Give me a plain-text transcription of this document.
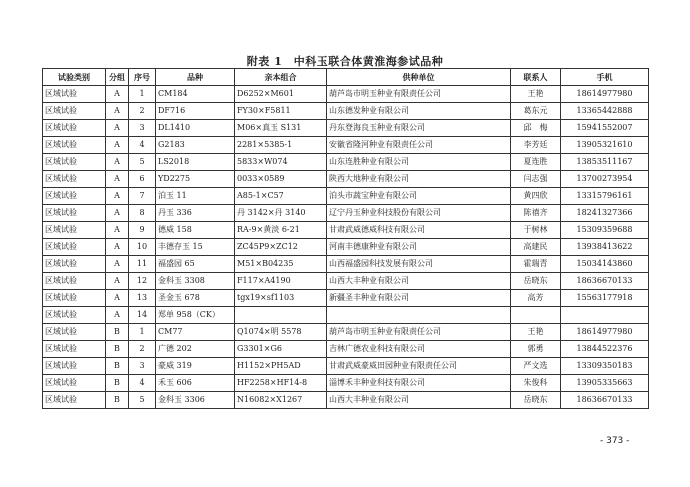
附表 1　中科玉联合体黄淮海参试品种
试验类别	分组	序号	品种	亲本组合	供种单位	联系人	手机
区域试验	A	1	CM184	D6252×M601	葫芦岛市明玉种业有限责任公司	王艳	18614977980
区域试验	A	2	DF716	FY30×F5811	山东德发种业有限公司	葛东元	13365442888
区域试验	A	3	DL1410	M06×真玉 S131	丹东登海良玉种业有限公司	邱　梅	15941552007
区域试验	A	4	G2183	2281×5385-1	安徽省隆河种业有限责任公司	李芳廷	13905321610
区域试验	A	5	LS2018	5833×W074	山东连胜种业有限公司	夏连胜	13853511167
区域试验	A	6	YD2275	0033×0589	陕西大地种业有限公司	闫志强	13700273954
区域试验	A	7	泊玉 11	A85-1×C57	泊头市蔬宝种业有限公司	黄四欣	13315796161
区域试验	A	8	丹玉 336	丹 3142×丹 3140	辽宁丹玉种业科技股份有限公司	陈禧齐	18241327366
区域试验	A	9	德威 158	RA-9×黄淡 6-21	甘肃武威德威科技有限公司	于树林	15309359688
区域试验	A	10	丰德存玉 15	ZC45P9×ZC12	河南丰德康种业有限公司	高建民	13938413622
区域试验	A	11	福盛园 65	M51×B04235	山西福盛园科技发展有限公司	霍瑞青	15034143860
区域试验	A	12	金科玉 3308	F117×A4190	山西大丰种业有限公司	岳晓东	18636670133
区域试验	A	13	圣金玉 678	tgx19×sf1103	新疆圣丰种业有限公司	高芳	15563177918
区域试验	A	14	郑单 958（CK）				
区域试验	B	1	CM77	Q1074×明 5578	葫芦岛市明玉种业有限责任公司	王艳	18614977980
区域试验	B	2	广德 202	G3301×G6	吉林广德农业科技有限公司	郭勇	13844522376
区域试验	B	3	豪威 319	H1152×PH5AD	甘肃武威豪威田园种业有限责任公司	严文选	13309350183
区域试验	B	4	禾玉 606	HF2258×HF14-8	淄博禾丰种业科技有限公司	朱俊科	13905335663
区域试验	B	5	金科玉 3306	N16082×X1267	山西大丰种业有限公司	岳晓东	18636670133
- 373 -
